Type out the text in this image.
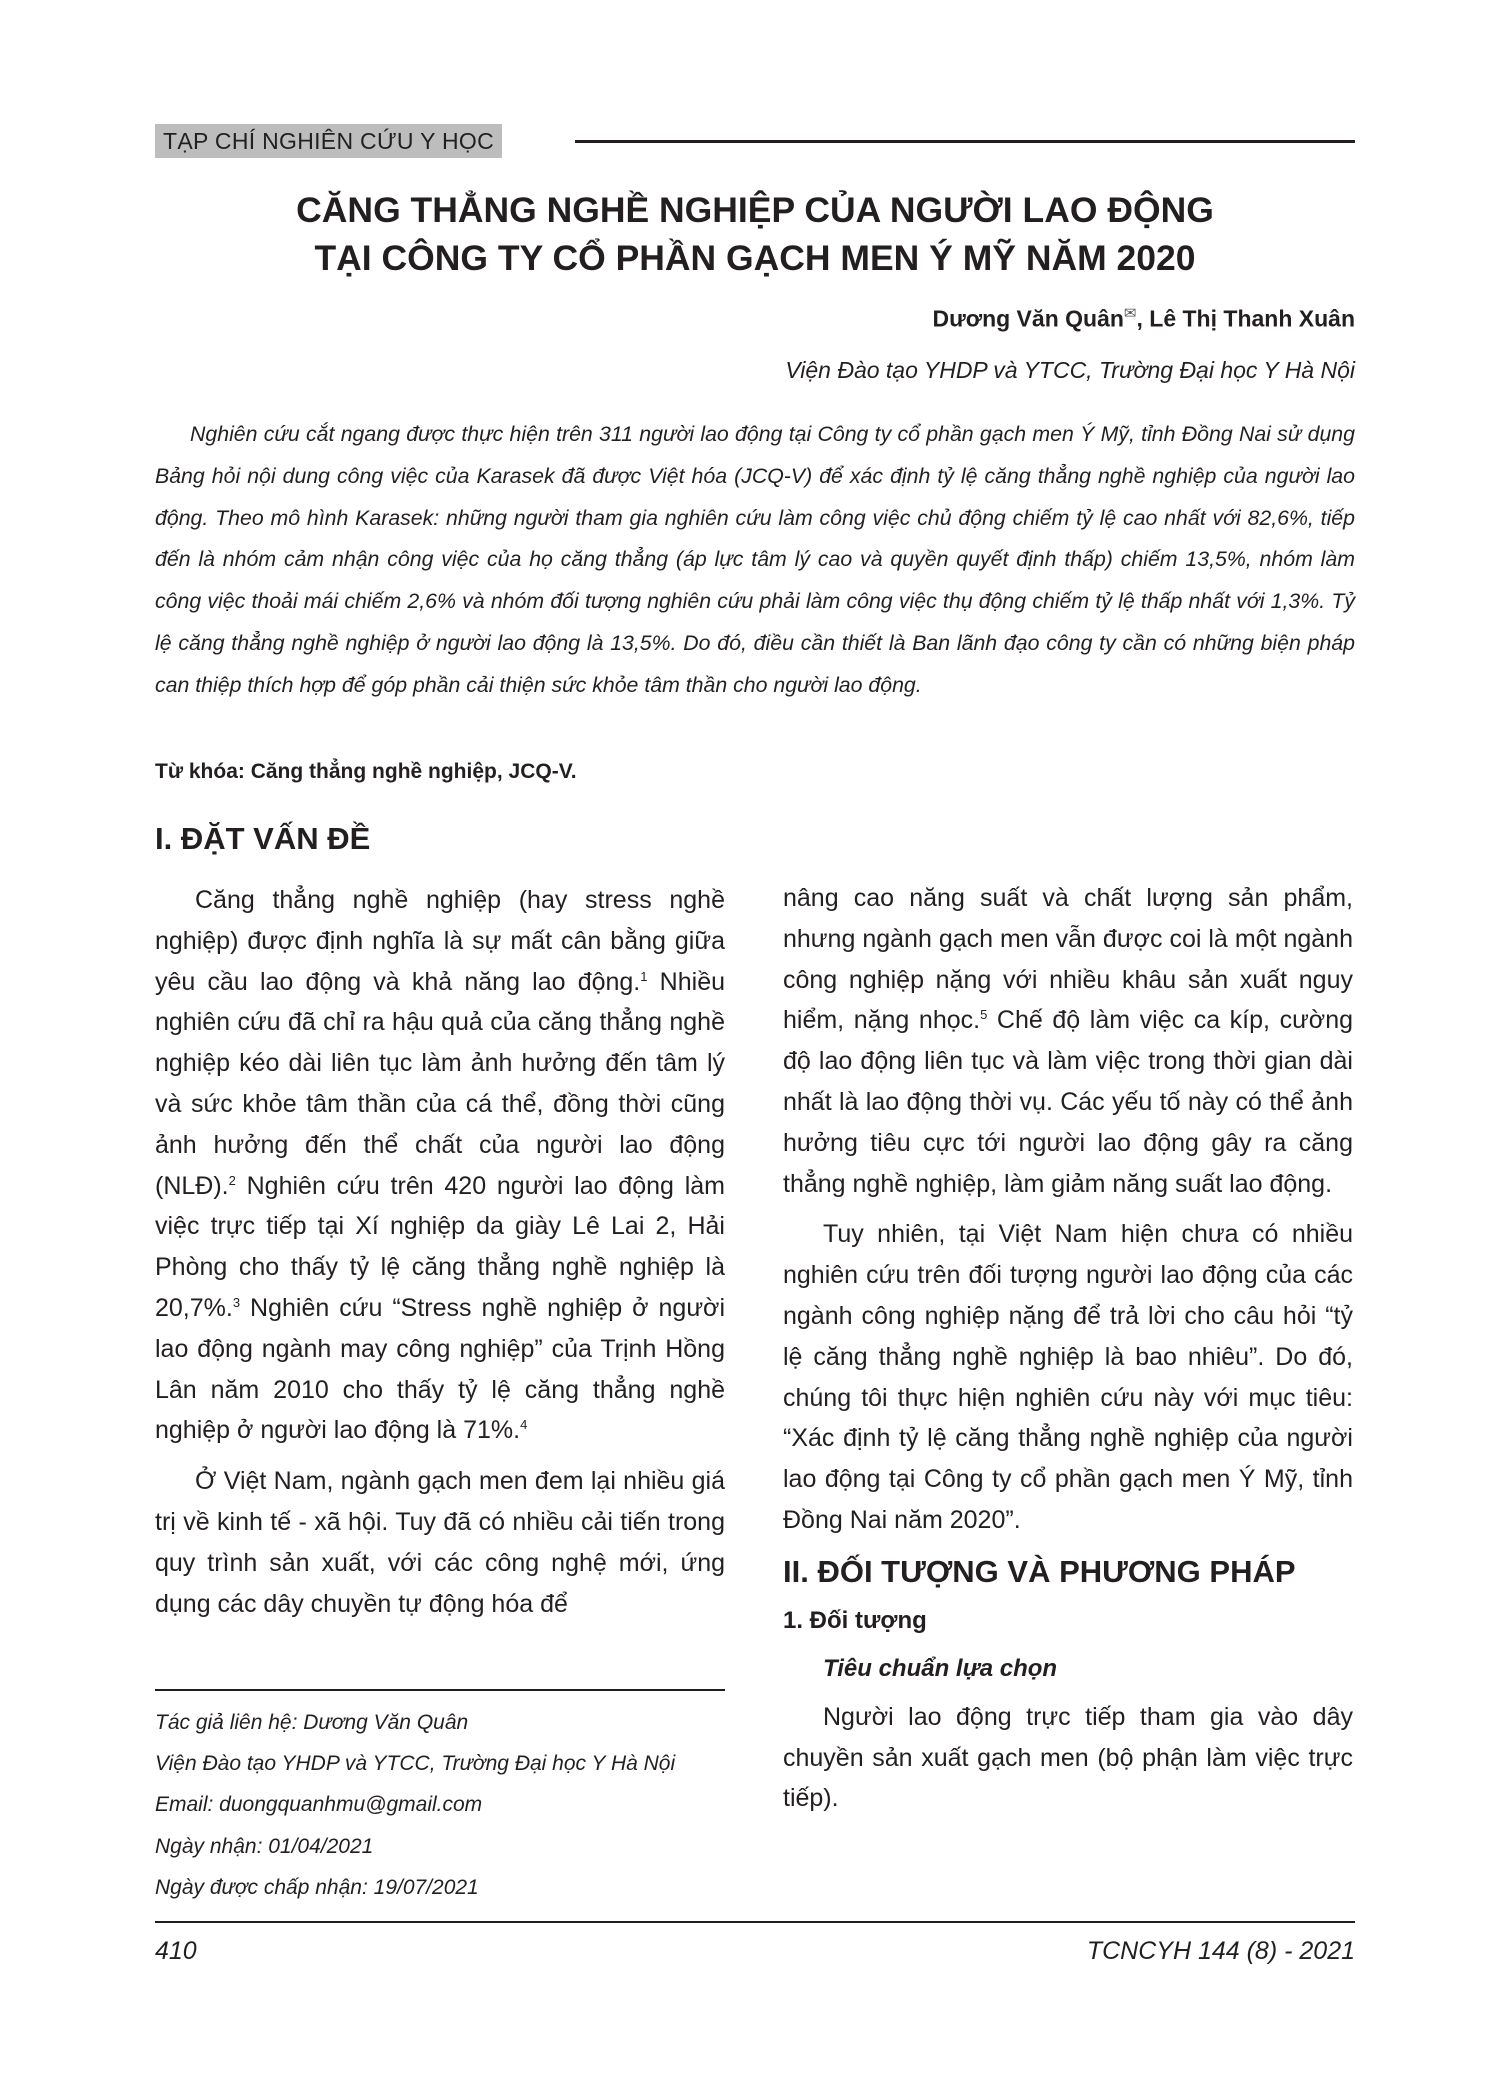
TẠP CHÍ NGHIÊN CỨU Y HỌC
CĂNG THẲNG NGHỀ NGHIỆP CỦA NGƯỜI LAO ĐỘNG
TẠI CÔNG TY CỔ PHẦN GẠCH MEN Ý MỸ NĂM 2020
Dương Văn Quân✉, Lê Thị Thanh Xuân
Viện Đào tạo YHDP và YTCC, Trường Đại học Y Hà Nội

Nghiên cứu cắt ngang được thực hiện trên 311 người lao động tại Công ty cổ phần gạch men Ý Mỹ, tỉnh Đồng Nai sử dụng Bảng hỏi nội dung công việc của Karasek đã được Việt hóa (JCQ-V) để xác định tỷ lệ căng thẳng nghề nghiệp của người lao động. Theo mô hình Karasek: những người tham gia nghiên cứu làm công việc chủ động chiếm tỷ lệ cao nhất với 82,6%, tiếp đến là nhóm cảm nhận công việc của họ căng thẳng (áp lực tâm lý cao và quyền quyết định thấp) chiếm 13,5%, nhóm làm công việc thoải mái chiếm 2,6% và nhóm đối tượng nghiên cứu phải làm công việc thụ động chiếm tỷ lệ thấp nhất với 1,3%. Tỷ lệ căng thẳng nghề nghiệp ở người lao động là 13,5%. Do đó, điều cần thiết là Ban lãnh đạo công ty cần có những biện pháp can thiệp thích hợp để góp phần cải thiện sức khỏe tâm thần cho người lao động.

Từ khóa: Căng thẳng nghề nghiệp, JCQ-V.
I. ĐẶT VẤN ĐỀ

Căng thẳng nghề nghiệp (hay stress nghề nghiệp) được định nghĩa là sự mất cân bằng giữa yêu cầu lao động và khả năng lao động.$^1$ Nhiều nghiên cứu đã chỉ ra hậu quả của căng thẳng nghề nghiệp kéo dài liên tục làm ảnh hưởng đến tâm lý và sức khỏe tâm thần của cá thể, đồng thời cũng ảnh hưởng đến thể chất của người lao động (NLĐ).$^2$ Nghiên cứu trên 420 người lao động làm việc trực tiếp tại Xí nghiệp da giày Lê Lai 2, Hải Phòng cho thấy tỷ lệ căng thẳng nghề nghiệp là 20,7%.$^3$ Nghiên cứu “Stress nghề nghiệp ở người lao động ngành may công nghiệp” của Trịnh Hồng Lân năm 2010 cho thấy tỷ lệ căng thẳng nghề nghiệp ở người lao động là 71%.$^4$

Ở Việt Nam, ngành gạch men đem lại nhiều giá trị về kinh tế - xã hội. Tuy đã có nhiều cải tiến trong quy trình sản xuất, với các công nghệ mới, ứng dụng các dây chuyền tự động hóa để

nâng cao năng suất và chất lượng sản phẩm, nhưng ngành gạch men vẫn được coi là một ngành công nghiệp nặng với nhiều khâu sản xuất nguy hiểm, nặng nhọc.$^5$ Chế độ làm việc ca kíp, cường độ lao động liên tục và làm việc trong thời gian dài nhất là lao động thời vụ. Các yếu tố này có thể ảnh hưởng tiêu cực tới người lao động gây ra căng thẳng nghề nghiệp, làm giảm năng suất lao động.

Tuy nhiên, tại Việt Nam hiện chưa có nhiều nghiên cứu trên đối tượng người lao động của các ngành công nghiệp nặng để trả lời cho câu hỏi “tỷ lệ căng thẳng nghề nghiệp là bao nhiêu”. Do đó, chúng tôi thực hiện nghiên cứu này với mục tiêu: “Xác định tỷ lệ căng thẳng nghề nghiệp của người lao động tại Công ty cổ phần gạch men Ý Mỹ, tỉnh Đồng Nai năm 2020”.

II. ĐỐI TƯỢNG VÀ PHƯƠNG PHÁP
1. Đối tượng
Tiêu chuẩn lựa chọn

Người lao động trực tiếp tham gia vào dây chuyền sản xuất gạch men (bộ phận làm việc trực tiếp).

Tác giả liên hệ: Dương Văn Quân
Viện Đào tạo YHDP và YTCC, Trường Đại học Y Hà Nội
Email: duongquanhmu@gmail.com
Ngày nhận: 01/04/2021
Ngày được chấp nhận: 19/07/2021
410	TCNCYH 144 (8) - 2021
